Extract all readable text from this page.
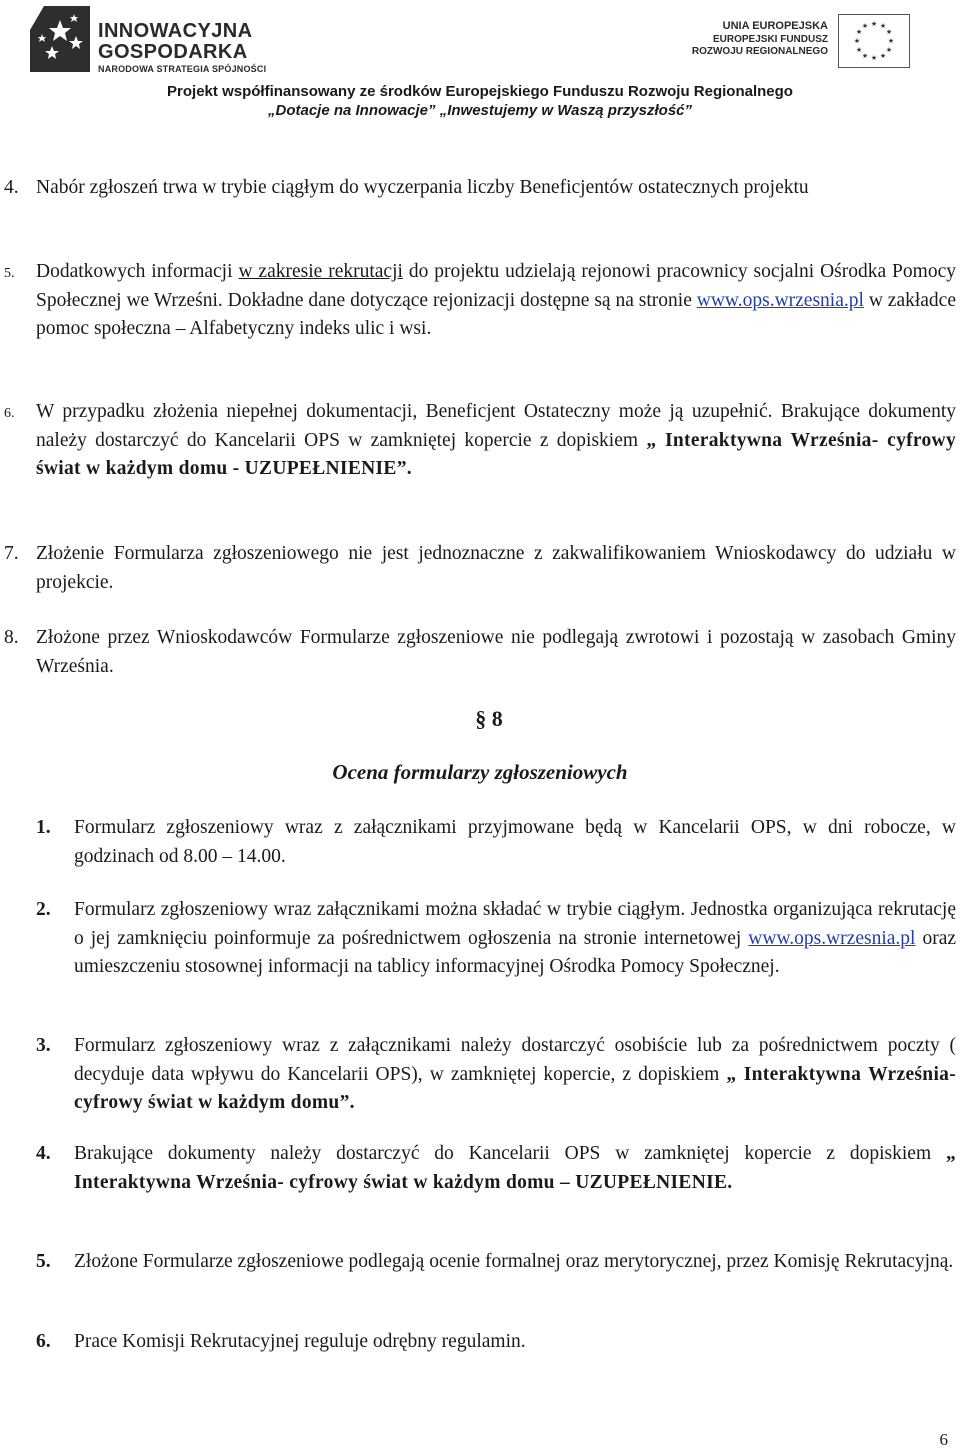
INNOWACYJNA
GOSPODARKA
NARODOWA STRATEGIA SPÓJNOŚCI
UNIA EUROPEJSKA
EUROPEJSKI FUNDUSZ
ROZWOJU REGIONALNEGO
★ ★
★
★
★
★
★
★
★
★
★
★
Projekt współfinansowany ze środków Europejskiego Funduszu Rozwoju Regionalnego
„Dotacje na Innowacje” „Inwestujemy w Waszą przyszłość”
4. Nabór zgłoszeń trwa w trybie ciągłym do wyczerpania liczby Beneficjentów ostatecznych projektu

5. Dodatkowych informacji w zakresie rekrutacji do projektu udzielają rejonowi pracownicy socjalni Ośrodka Pomocy Społecznej we Wrześni. Dokładne dane dotyczące rejonizacji dostępne są na stronie www.ops.wrzesnia.pl w zakładce pomoc społeczna – Alfabetyczny indeks ulic i wsi.

6. W przypadku złożenia niepełnej dokumentacji, Beneficjent Ostateczny może ją uzupełnić. Brakujące dokumenty należy dostarczyć do Kancelarii OPS w zamkniętej kopercie z dopiskiem „ Interaktywna Września- cyfrowy świat w każdym domu - UZUPEŁNIENIE”.

7. Złożenie Formularza zgłoszeniowego nie jest jednoznaczne z zakwalifikowaniem Wnioskodawcy do udziału w projekcie.

8. Złożone przez Wnioskodawców Formularze zgłoszeniowe nie podlegają zwrotowi i pozostają w zasobach Gminy Września.

§ 8
Ocena formularzy zgłoszeniowych
1. Formularz zgłoszeniowy wraz z załącznikami przyjmowane będą w Kancelarii OPS, w dni robocze, w godzinach od 8.00 – 14.00.

2. Formularz zgłoszeniowy wraz załącznikami można składać w trybie ciągłym. Jednostka organizująca rekrutację o jej zamknięciu poinformuje za pośrednictwem ogłoszenia na stronie internetowej www.ops.wrzesnia.pl oraz umieszczeniu stosownej informacji na tablicy informacyjnej Ośrodka Pomocy Społecznej.

3. Formularz zgłoszeniowy wraz z załącznikami należy dostarczyć osobiście lub za pośrednictwem poczty ( decyduje data wpływu do Kancelarii OPS), w zamkniętej kopercie, z dopiskiem „ Interaktywna Września- cyfrowy świat w każdym domu”.

4. Brakujące dokumenty należy dostarczyć do Kancelarii OPS w zamkniętej kopercie z dopiskiem „ Interaktywna Września- cyfrowy świat w każdym domu – UZUPEŁNIENIE.

5. Złożone Formularze zgłoszeniowe podlegają ocenie formalnej oraz merytorycznej, przez Komisję Rekrutacyjną.

6. Prace Komisji Rekrutacyjnej reguluje odrębny regulamin.

6
